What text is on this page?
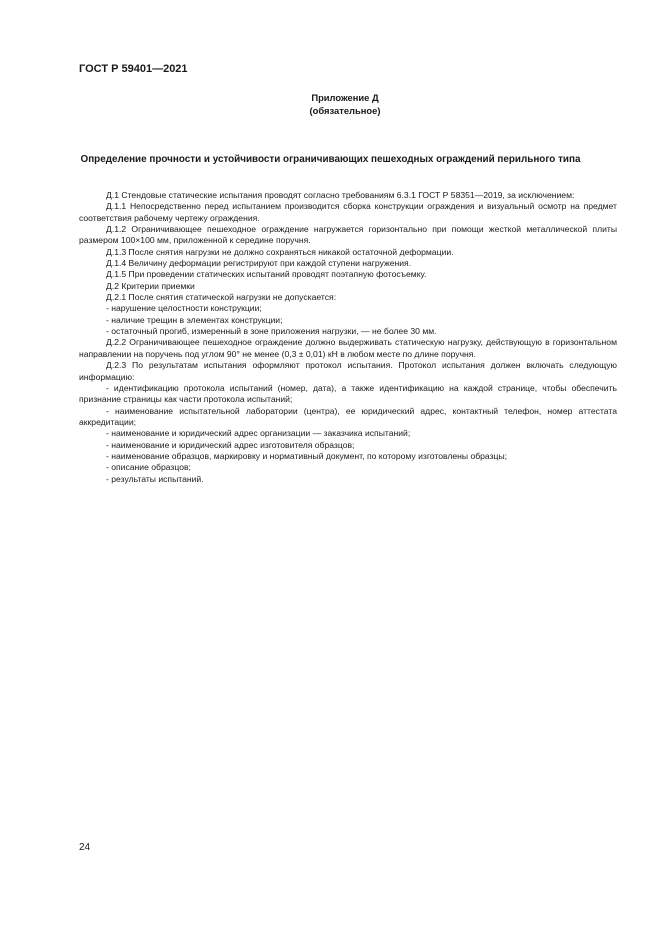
ГОСТ Р 59401—2021
Приложение Д
(обязательное)
Определение прочности и устойчивости ограничивающих пешеходных ограждений перильного типа

Д.1 Стендовые статические испытания проводят согласно требованиям 6.3.1 ГОСТ Р 58351—2019, за исключением:

Д.1.1 Непосредственно перед испытанием производится сборка конструкции ограждения и визуальный осмотр на предмет соответствия рабочему чертежу ограждения.

Д.1.2 Ограничивающее пешеходное ограждение нагружается горизонтально при помощи жесткой металлической плиты размером 100×100 мм, приложенной к середине поручня.

Д.1.3 После снятия нагрузки не должно сохраняться никакой остаточной деформации.

Д.1.4 Величину деформации регистрируют при каждой ступени нагружения.

Д.1.5 При проведении статических испытаний проводят поэтапную фотосъемку.

Д.2 Критерии приемки

Д.2.1 После снятия статической нагрузки не допускается:

- нарушение целостности конструкции;

- наличие трещин в элементах конструкции;

- остаточный прогиб, измеренный в зоне приложения нагрузки, — не более 30 мм.

Д.2.2 Ограничивающее пешеходное ограждение должно выдерживать статическую нагрузку, действующую в горизонтальном направлении на поручень под углом 90° не менее (0,3 ± 0,01) кН в любом месте по длине поручня.

Д.2.3 По результатам испытания оформляют протокол испытания. Протокол испытания должен включать следующую информацию:

- идентификацию протокола испытаний (номер, дата), а также идентификацию на каждой странице, чтобы обеспечить признание страницы как части протокола испытаний;

- наименование испытательной лаборатории (центра), ее юридический адрес, контактный телефон, номер аттестата аккредитации;

- наименование и юридический адрес организации — заказчика испытаний;

- наименование и юридический адрес изготовителя образцов;

- наименование образцов, маркировку и нормативный документ, по которому изготовлены образцы;

- описание образцов;

- результаты испытаний.

24
